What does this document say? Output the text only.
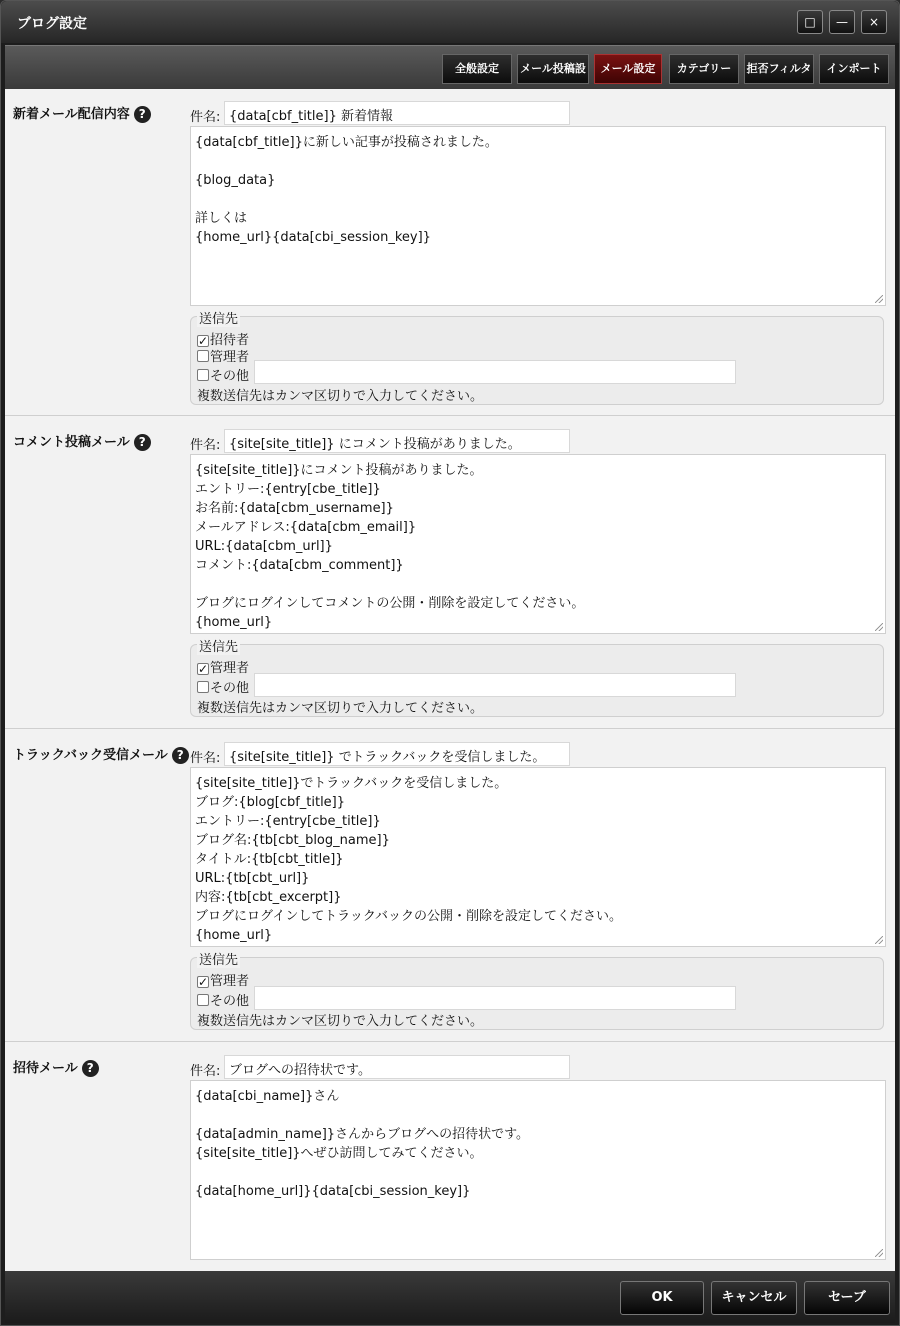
ブログ設定	□	—	×
全般設定	メール投稿設	メール設定	カテゴリー	拒否フィルタ	インポート
新着メール配信内容 ?	件名: {data[cbf_title]} 新着情報
{data[cbf_title]}に新しい記事が投稿されました。

{blog_data}

詳しくは
{home_url}{data[cbi_session_key]}
送信先
✓ 招待者
管理者
その他
複数送信先はカンマ区切りで入力してください。
コメント投稿メール ?	件名: {site[site_title]} にコメント投稿がありました。
{site[site_title]}にコメント投稿がありました。
エントリー:{entry[cbe_title]}
お名前:{data[cbm_username]}
メールアドレス:{data[cbm_email]}
URL:{data[cbm_url]}
コメント:{data[cbm_comment]}

ブログにログインしてコメントの公開・削除を設定してください。
{home_url}
送信先
✓ 管理者
その他
複数送信先はカンマ区切りで入力してください。
トラックバック受信メール ? 件名: {site[site_title]} でトラックバックを受信しました。
{site[site_title]}でトラックバックを受信しました。
ブログ:{blog[cbf_title]}
エントリー:{entry[cbe_title]}
ブログ名:{tb[cbt_blog_name]}
タイトル:{tb[cbt_title]}
URL:{tb[cbt_url]}
内容:{tb[cbt_excerpt]}
ブログにログインしてトラックバックの公開・削除を設定してください。
{home_url}
送信先
✓ 管理者
その他
複数送信先はカンマ区切りで入力してください。
招待メール ?	件名: ブログへの招待状です。
{data[cbi_name]}さん

{data[admin_name]}さんからブログへの招待状です。
{site[site_title]}へぜひ訪問してみてください。

{data[home_url]}{data[cbi_session_key]}
OK	キャンセル	セーブ
